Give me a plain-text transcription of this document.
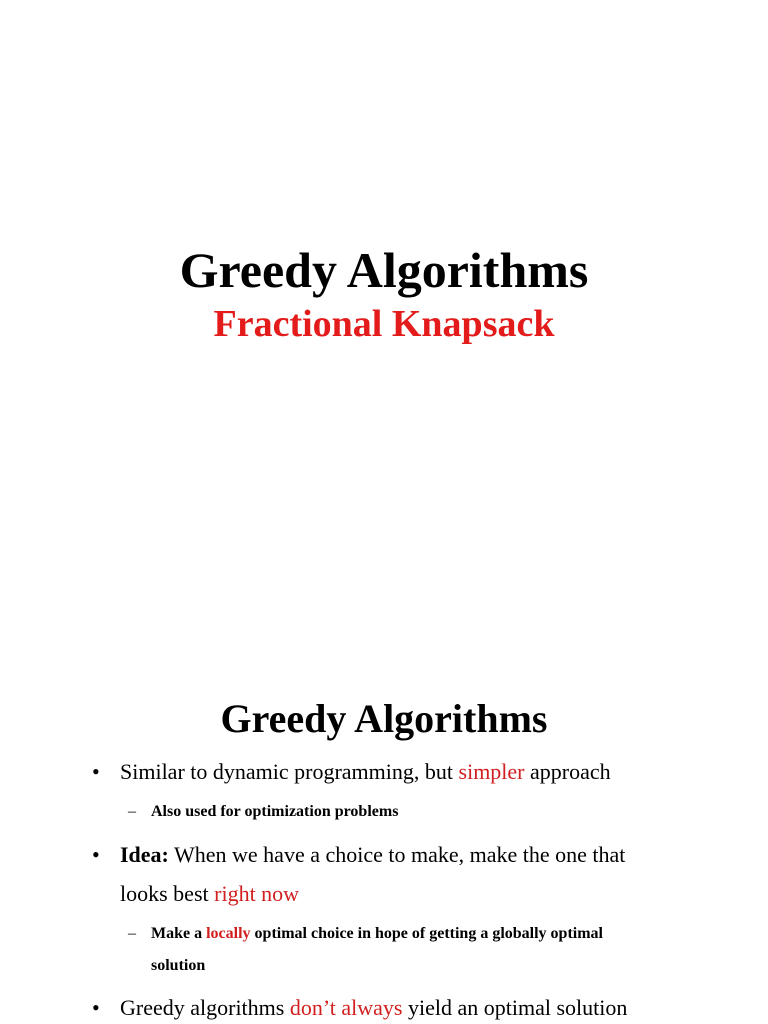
Greedy Algorithms
Fractional Knapsack
Greedy Algorithms
• Similar to dynamic programming, but simpler approach
– Also used for optimization problems
• Idea: When we have a choice to make, make the one that
looks best right now
– Make a locally optimal choice in hope of getting a globally optimal
solution
• Greedy algorithms don’t always yield an optimal solution
